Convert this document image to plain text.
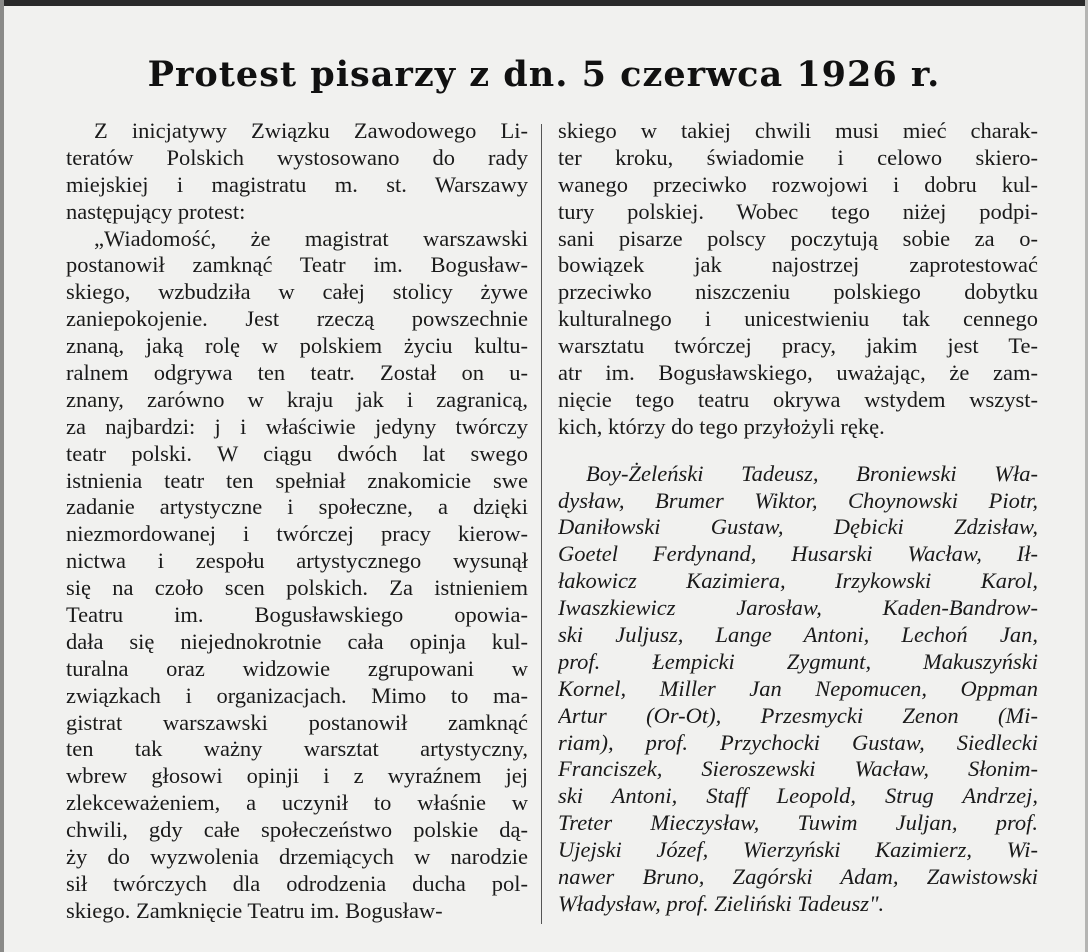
Protest pisarzy z dn. 5 czerwca 1926 r.
Z inicjatywy Związku Zawodowego Li-
teratów Polskich wystosowano do rady
miejskiej i magistratu m. st. Warszawy
następujący protest:
„Wiadomość, że magistrat warszawski
postanowił zamknąć Teatr im. Bogusław-
skiego, wzbudziła w całej stolicy żywe
zaniepokojenie. Jest rzeczą powszechnie
znaną, jaką rolę w polskiem życiu kultu-
ralnem odgrywa ten teatr. Został on u-
znany, zarówno w kraju jak i zagranicą,
za najbardzi: j i właściwie jedyny twórczy
teatr polski. W ciągu dwóch lat swego
istnienia teatr ten spełniał znakomicie swe
zadanie artystyczne i społeczne, a dzięki
niezmordowanej i twórczej pracy kierow-
nictwa i zespołu artystycznego wysunął
się na czoło scen polskich. Za istnieniem
Teatru im. Bogusławskiego opowia-
dała się niejednokrotnie cała opinja kul-
turalna oraz widzowie zgrupowani w
związkach i organizacjach. Mimo to ma-
gistrat warszawski postanowił zamknąć
ten tak ważny warsztat artystyczny,
wbrew głosowi opinji i z wyraźnem jej
zlekceważeniem, a uczynił to właśnie w
chwili, gdy całe społeczeństwo polskie dą-
ży do wyzwolenia drzemiących w narodzie
sił twórczych dla odrodzenia ducha pol-
skiego. Zamknięcie Teatru im. Bogusław-
skiego w takiej chwili musi mieć charak-
ter kroku, świadomie i celowo skiero-
wanego przeciwko rozwojowi i dobru kul-
tury polskiej. Wobec tego niżej podpi-
sani pisarze polscy poczytują sobie za o-
bowiązek jak najostrzej zaprotestować
przeciwko niszczeniu polskiego dobytku
kulturalnego i unicestwieniu tak cennego
warsztatu twórczej pracy, jakim jest Te-
atr im. Bogusławskiego, uważając, że zam-
nięcie tego teatru okrywa wstydem wszyst-
kich, którzy do tego przyłożyli rękę.
Boy-Żeleński Tadeusz, Broniewski Wła-
dysław, Brumer Wiktor, Choynowski Piotr,
Daniłowski Gustaw, Dębicki Zdzisław,
Goetel Ferdynand, Husarski Wacław, Ił-
łakowicz Kazimiera, Irzykowski Karol,
Iwaszkiewicz Jarosław, Kaden-Bandrow-
ski Juljusz, Lange Antoni, Lechoń Jan,
prof. Łempicki Zygmunt, Makuszyński
Kornel, Miller Jan Nepomucen, Oppman
Artur (Or-Ot), Przesmycki Zenon (Mi-
riam), prof. Przychocki Gustaw, Siedlecki
Franciszek, Sieroszewski Wacław, Słonim-
ski Antoni, Staff Leopold, Strug Andrzej,
Treter Mieczysław, Tuwim Juljan, prof.
Ujejski Józef, Wierzyński Kazimierz, Wi-
nawer Bruno, Zagórski Adam, Zawistowski
Władysław, prof. Zieliński Tadeusz".
